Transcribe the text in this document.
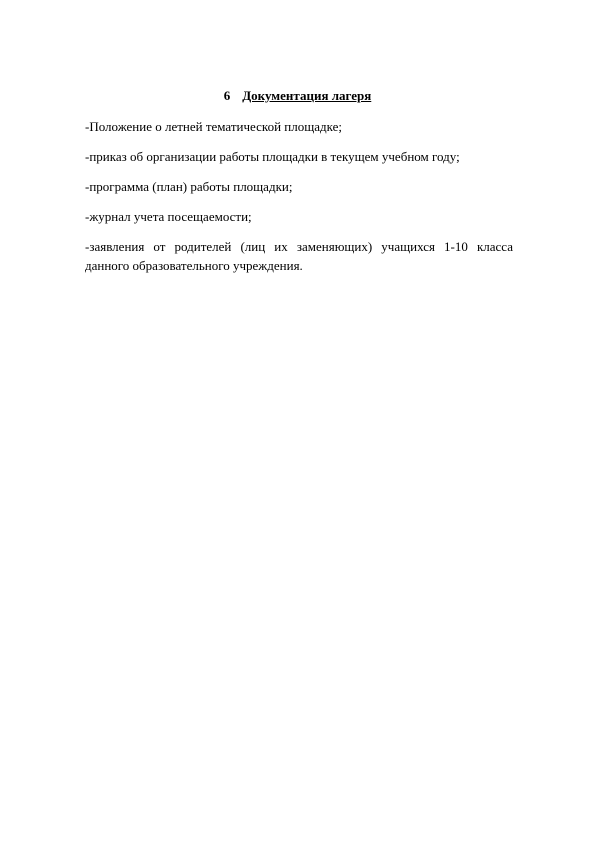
6 Документация лагеря
-Положение о летней тематической площадке;
-приказ об организации работы площадки в текущем учебном году;
-программа (план) работы площадки;
-журнал учета посещаемости;
-заявления от родителей (лиц их заменяющих) учащихся 1-10 класса данного образовательного учреждения.
